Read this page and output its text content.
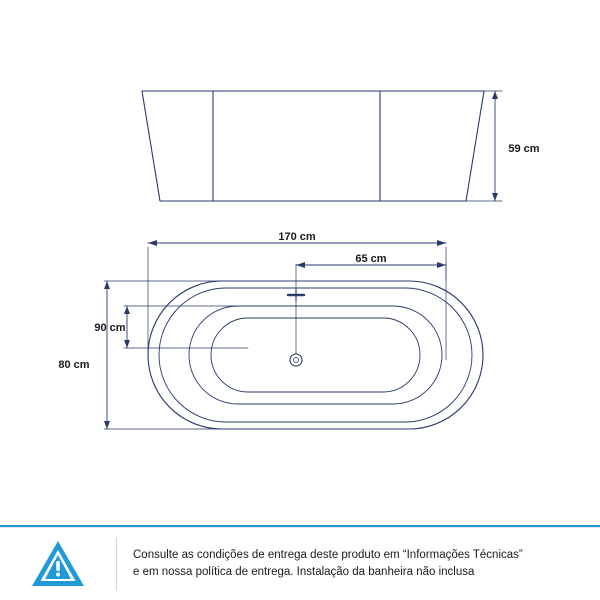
59 cm
170 cm
65 cm
90 cm
80 cm

Consulte as condições de entrega deste produto em “Informações Técnicas”
e em nossa política de entrega. Instalação da banheira não inclusa
